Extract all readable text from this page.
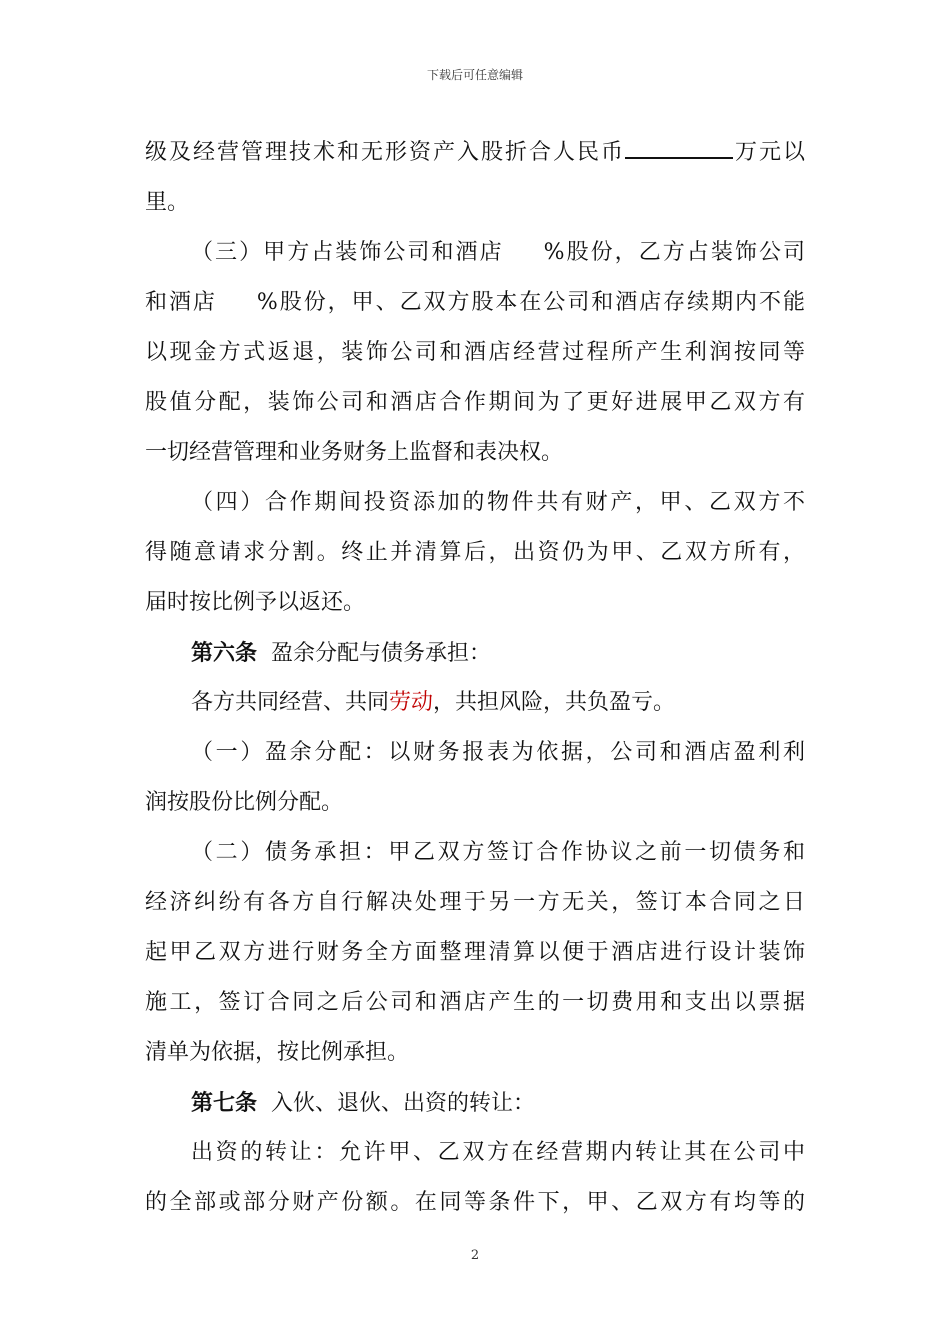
下载后可任意编辑
级及经营管理技术和无形资产入股折合人民币	万元以
里。
（三）甲方占装饰公司和酒店 %股份，乙方占装饰公司
和酒店 %股份，甲、乙双方股本在公司和酒店存续期内不能
以现金方式返退，装饰公司和酒店经营过程所产生利润按同等
股值分配，装饰公司和酒店合作期间为了更好进展甲乙双方有
一切经营管理和业务财务上监督和表决权。
（四）合作期间投资添加的物件共有财产，甲、乙双方不
得随意请求分割。终止并清算后，出资仍为甲、乙双方所有，
届时按比例予以返还。
第六条 盈余分配与债务承担：
各方共同经营、共同劳动，共担风险，共负盈亏。
（一）盈余分配：以财务报表为依据，公司和酒店盈利利
润按股份比例分配。
（二）债务承担：甲乙双方签订合作协议之前一切债务和
经济纠纷有各方自行解决处理于另一方无关，签订本合同之日
起甲乙双方进行财务全方面整理清算以便于酒店进行设计装饰
施工，签订合同之后公司和酒店产生的一切费用和支出以票据
清单为依据，按比例承担。
第七条 入伙、退伙、出资的转让：
出资的转让：允许甲、乙双方在经营期内转让其在公司中
的全部或部分财产份额。在同等条件下，甲、乙双方有均等的
2
